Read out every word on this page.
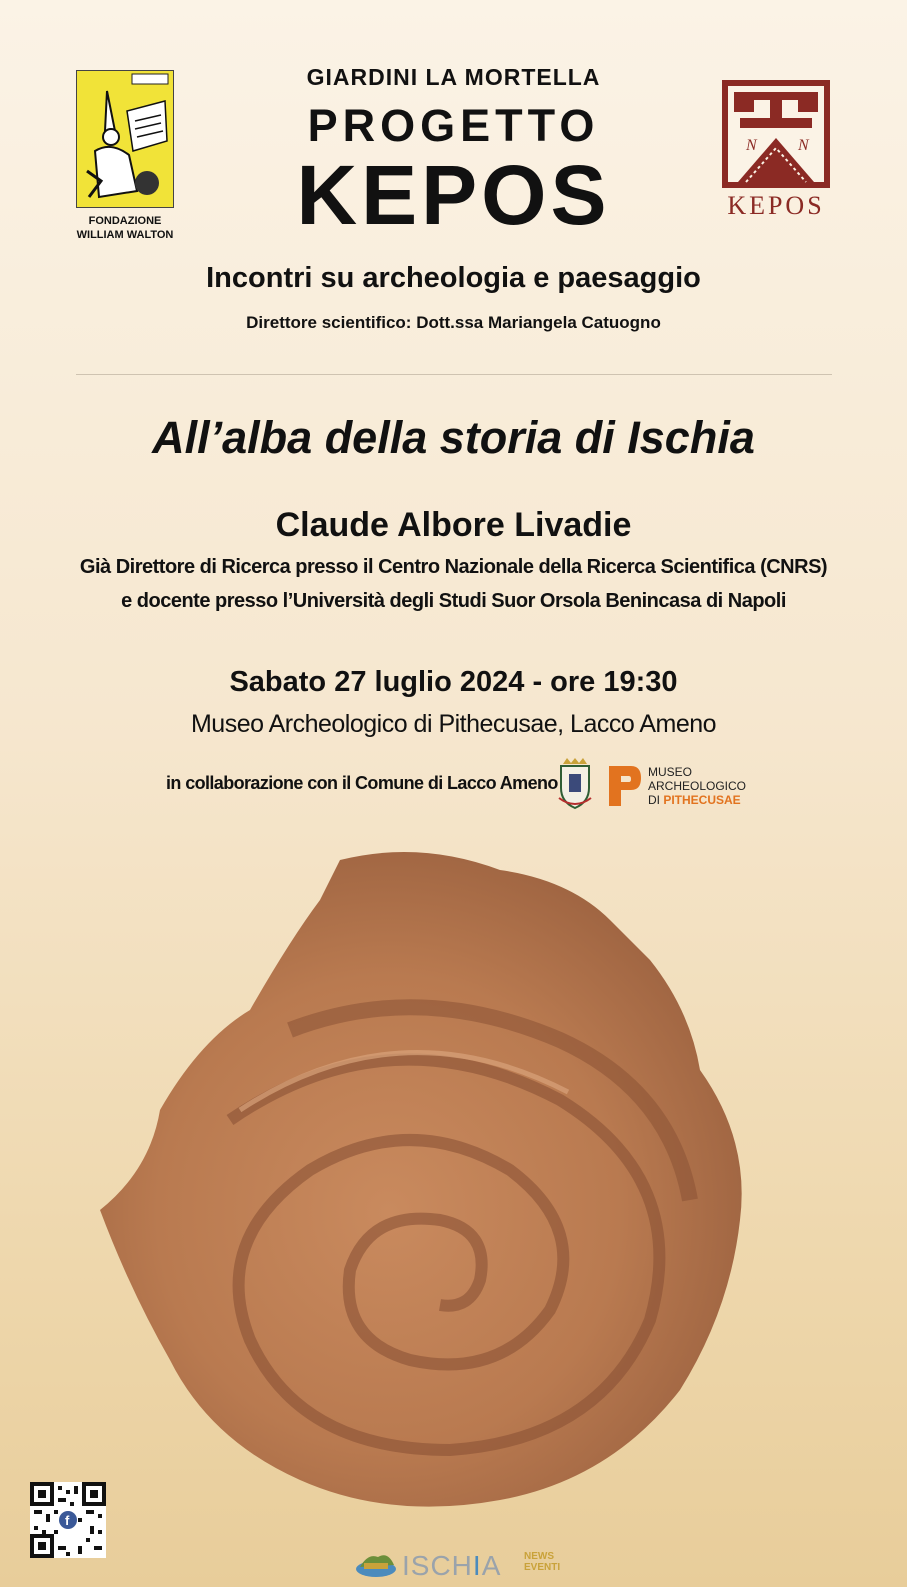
FONDAZIONE
WILLIAM WALTON
N	N
KEPOS
GIARDINI LA MORTELLA
PROGETTO
KEPOS
Incontri su archeologia e paesaggio
Direttore scientifico: Dott.ssa Mariangela Catuogno
All’alba della storia di Ischia
Claude Albore Livadie
Già Direttore di Ricerca presso il Centro Nazionale della Ricerca Scientifica (CNRS)
e docente presso l’Università degli Studi Suor Orsola Benincasa di Napoli
Sabato 27 luglio 2024 - ore 19:30
Museo Archeologico di Pithecusae, Lacco Ameno
in collaborazione con il Comune di Lacco Ameno
MUSEO
ARCHEOLOGICO
DI PITHECUSAE
f
ISCHIA NEWS
EVENTI
